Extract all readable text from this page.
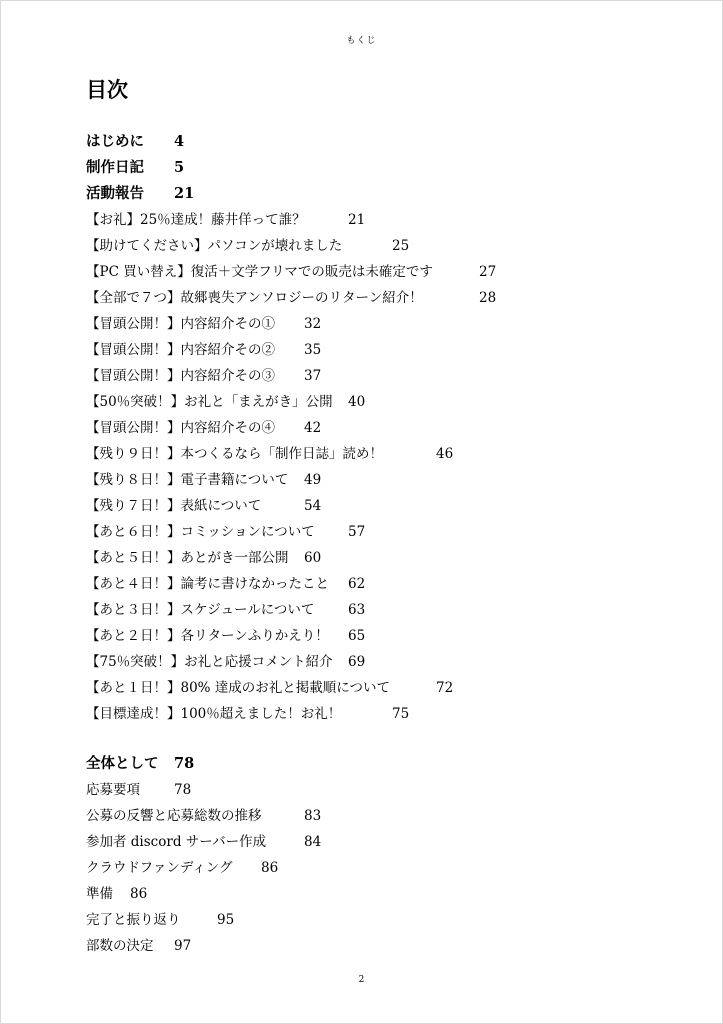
もくじ
目次
はじめに	4
制作日記	5
活動報告	21
【お礼】25％達成！藤井佯って誰？	21
【助けてください】パソコンが壊れました	25
【PC 買い替え】復活＋文学フリマでの販売は未確定です	27
【全部で７つ】故郷喪失アンソロジーのリターン紹介！	28
【冒頭公開！】内容紹介その①	32
【冒頭公開！】内容紹介その②	35
【冒頭公開！】内容紹介その③	37
【50％突破！】お礼と「まえがき」公開	40
【冒頭公開！】内容紹介その④	42
【残り９日！】本つくるなら「制作日誌」読め！	46
【残り８日！】電子書籍について	49
【残り７日！】表紙について	54
【あと６日！】コミッションについて	57
【あと５日！】あとがき一部公開	60
【あと４日！】論考に書けなかったこと	62
【あと３日！】スケジュールについて	63
【あと２日！】各リターンふりかえり！	65
【75％突破！】お礼と応援コメント紹介	69
【あと１日！】80% 達成のお礼と掲載順について	72
【目標達成！】100％超えました！お礼！	75
全体として	78
応募要項	78
公募の反響と応募総数の推移	83
参加者 discord サーバー作成	84
クラウドファンディング	86
準備	86
完了と振り返り	95
部数の決定	97
2
